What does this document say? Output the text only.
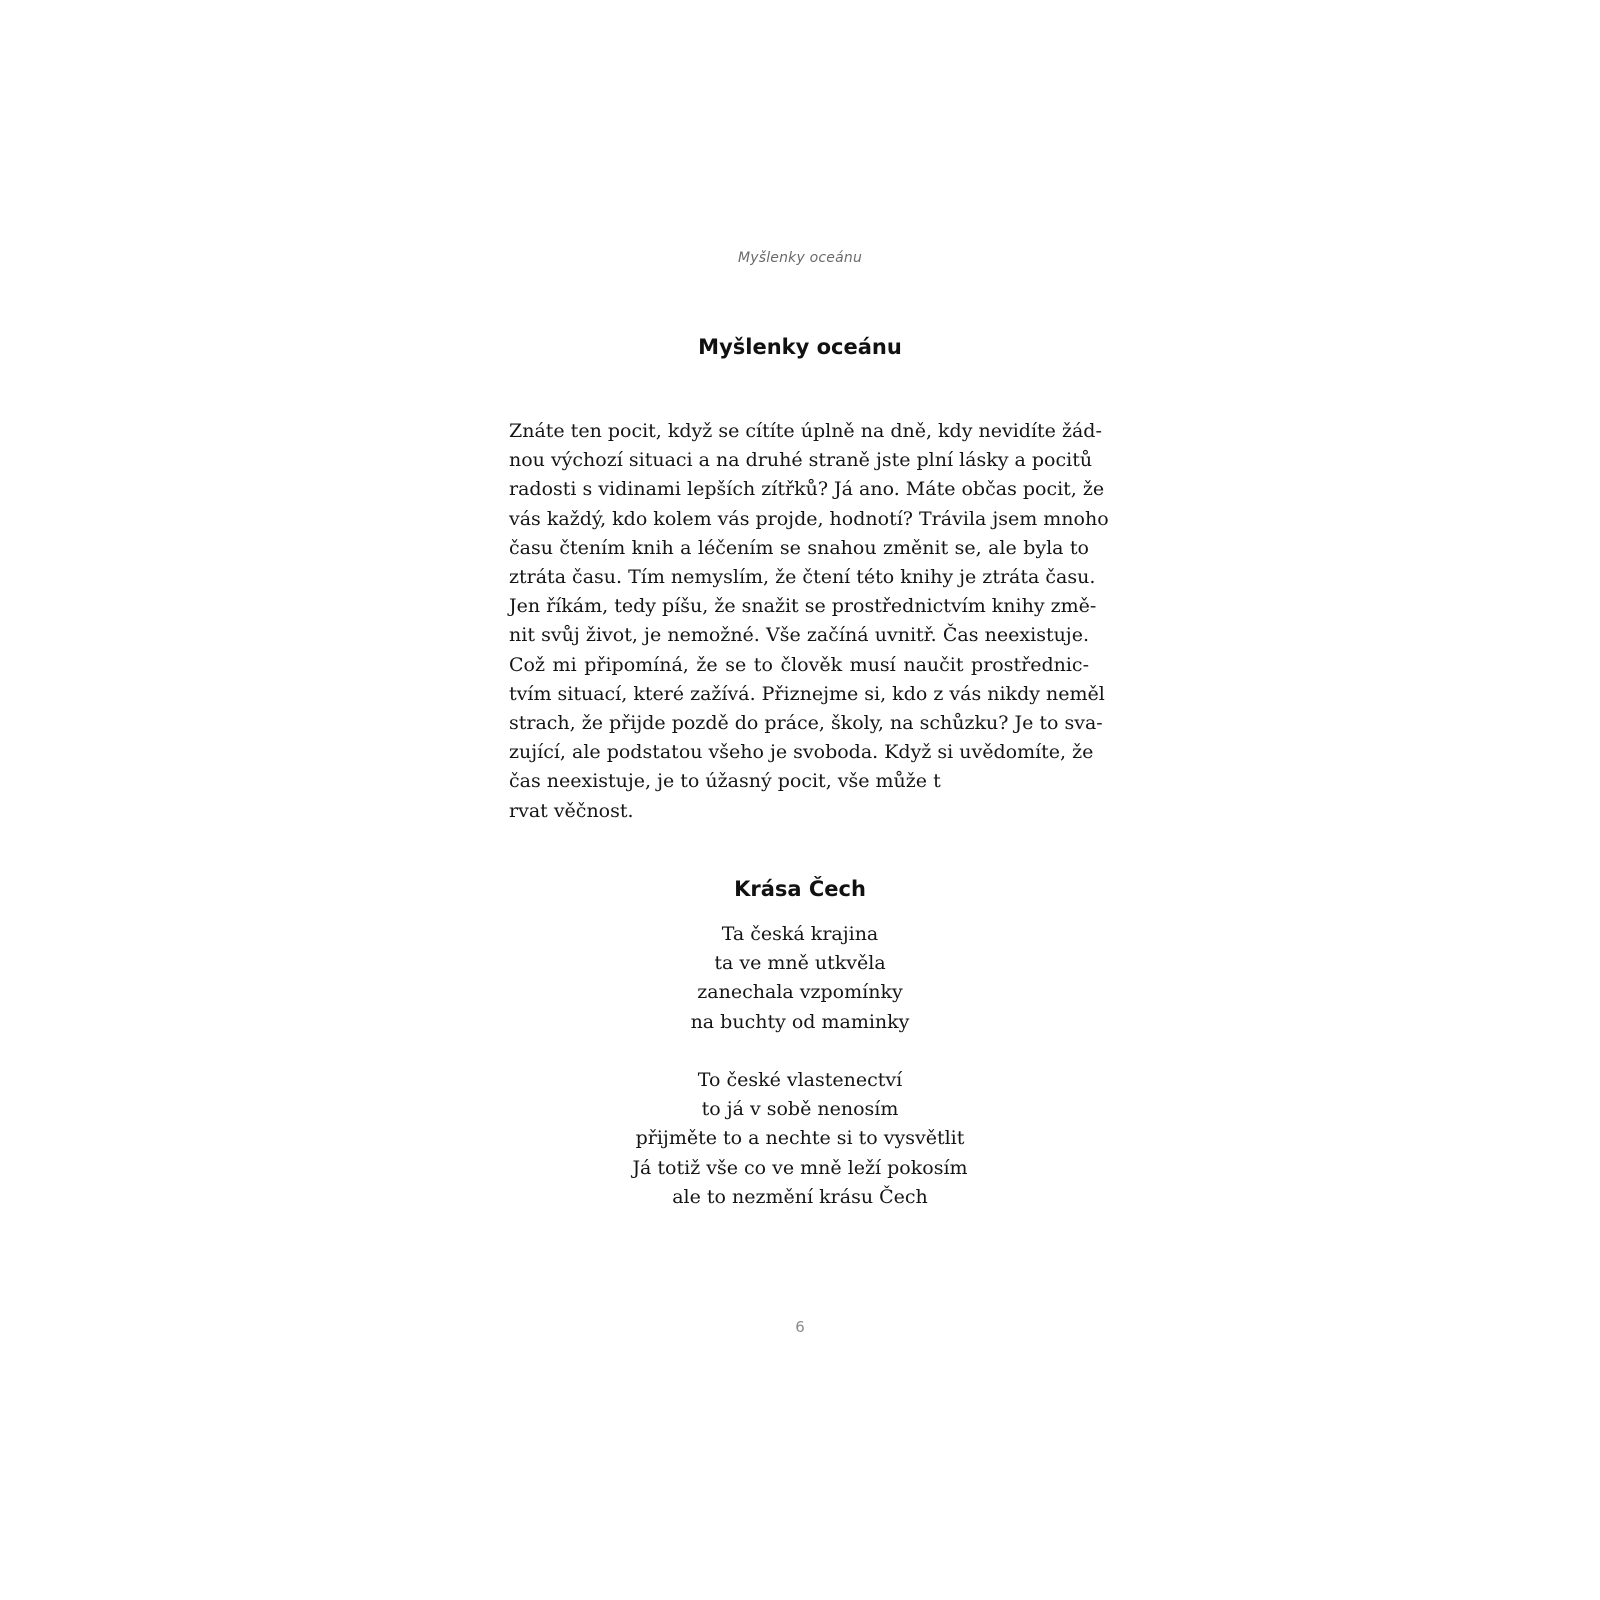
Myšlenky oceánu
Myšlenky oceánu
Znáte ten pocit, když se cítíte úplně na dně, kdy nevidíte žád-
nou výchozí situaci a na druhé straně jste plní lásky a pocitů
radosti s vidinami lepších zítřků? Já ano. Máte občas pocit, že
vás každý, kdo kolem vás projde, hodnotí? Trávila jsem mnoho
času čtením knih a léčením se snahou změnit se, ale byla to
ztráta času. Tím nemyslím, že čtení této knihy je ztráta času.
Jen říkám, tedy píšu, že snažit se prostřednictvím knihy změ-
nit svůj život, je nemožné. Vše začíná uvnitř. Čas neexistuje.
Což mi připomíná, že se to člověk musí naučit prostřednic-
tvím situací, které zažívá. Přiznejme si, kdo z vás nikdy neměl
strach, že přijde pozdě do práce, školy, na schůzku? Je to sva-
zující, ale podstatou všeho je svoboda. Když si uvědomíte, že
čas neexistuje, je to úžasný pocit, vše může t
rvat věčnost.
Krása Čech
Ta česká krajina
ta ve mně utkvěla
zanechala vzpomínky
na buchty od maminky
To české vlastenectví
to já v sobě nenosím
přijměte to a nechte si to vysvětlit
Já totiž vše co ve mně leží pokosím
ale to nezmění krásu Čech
6
